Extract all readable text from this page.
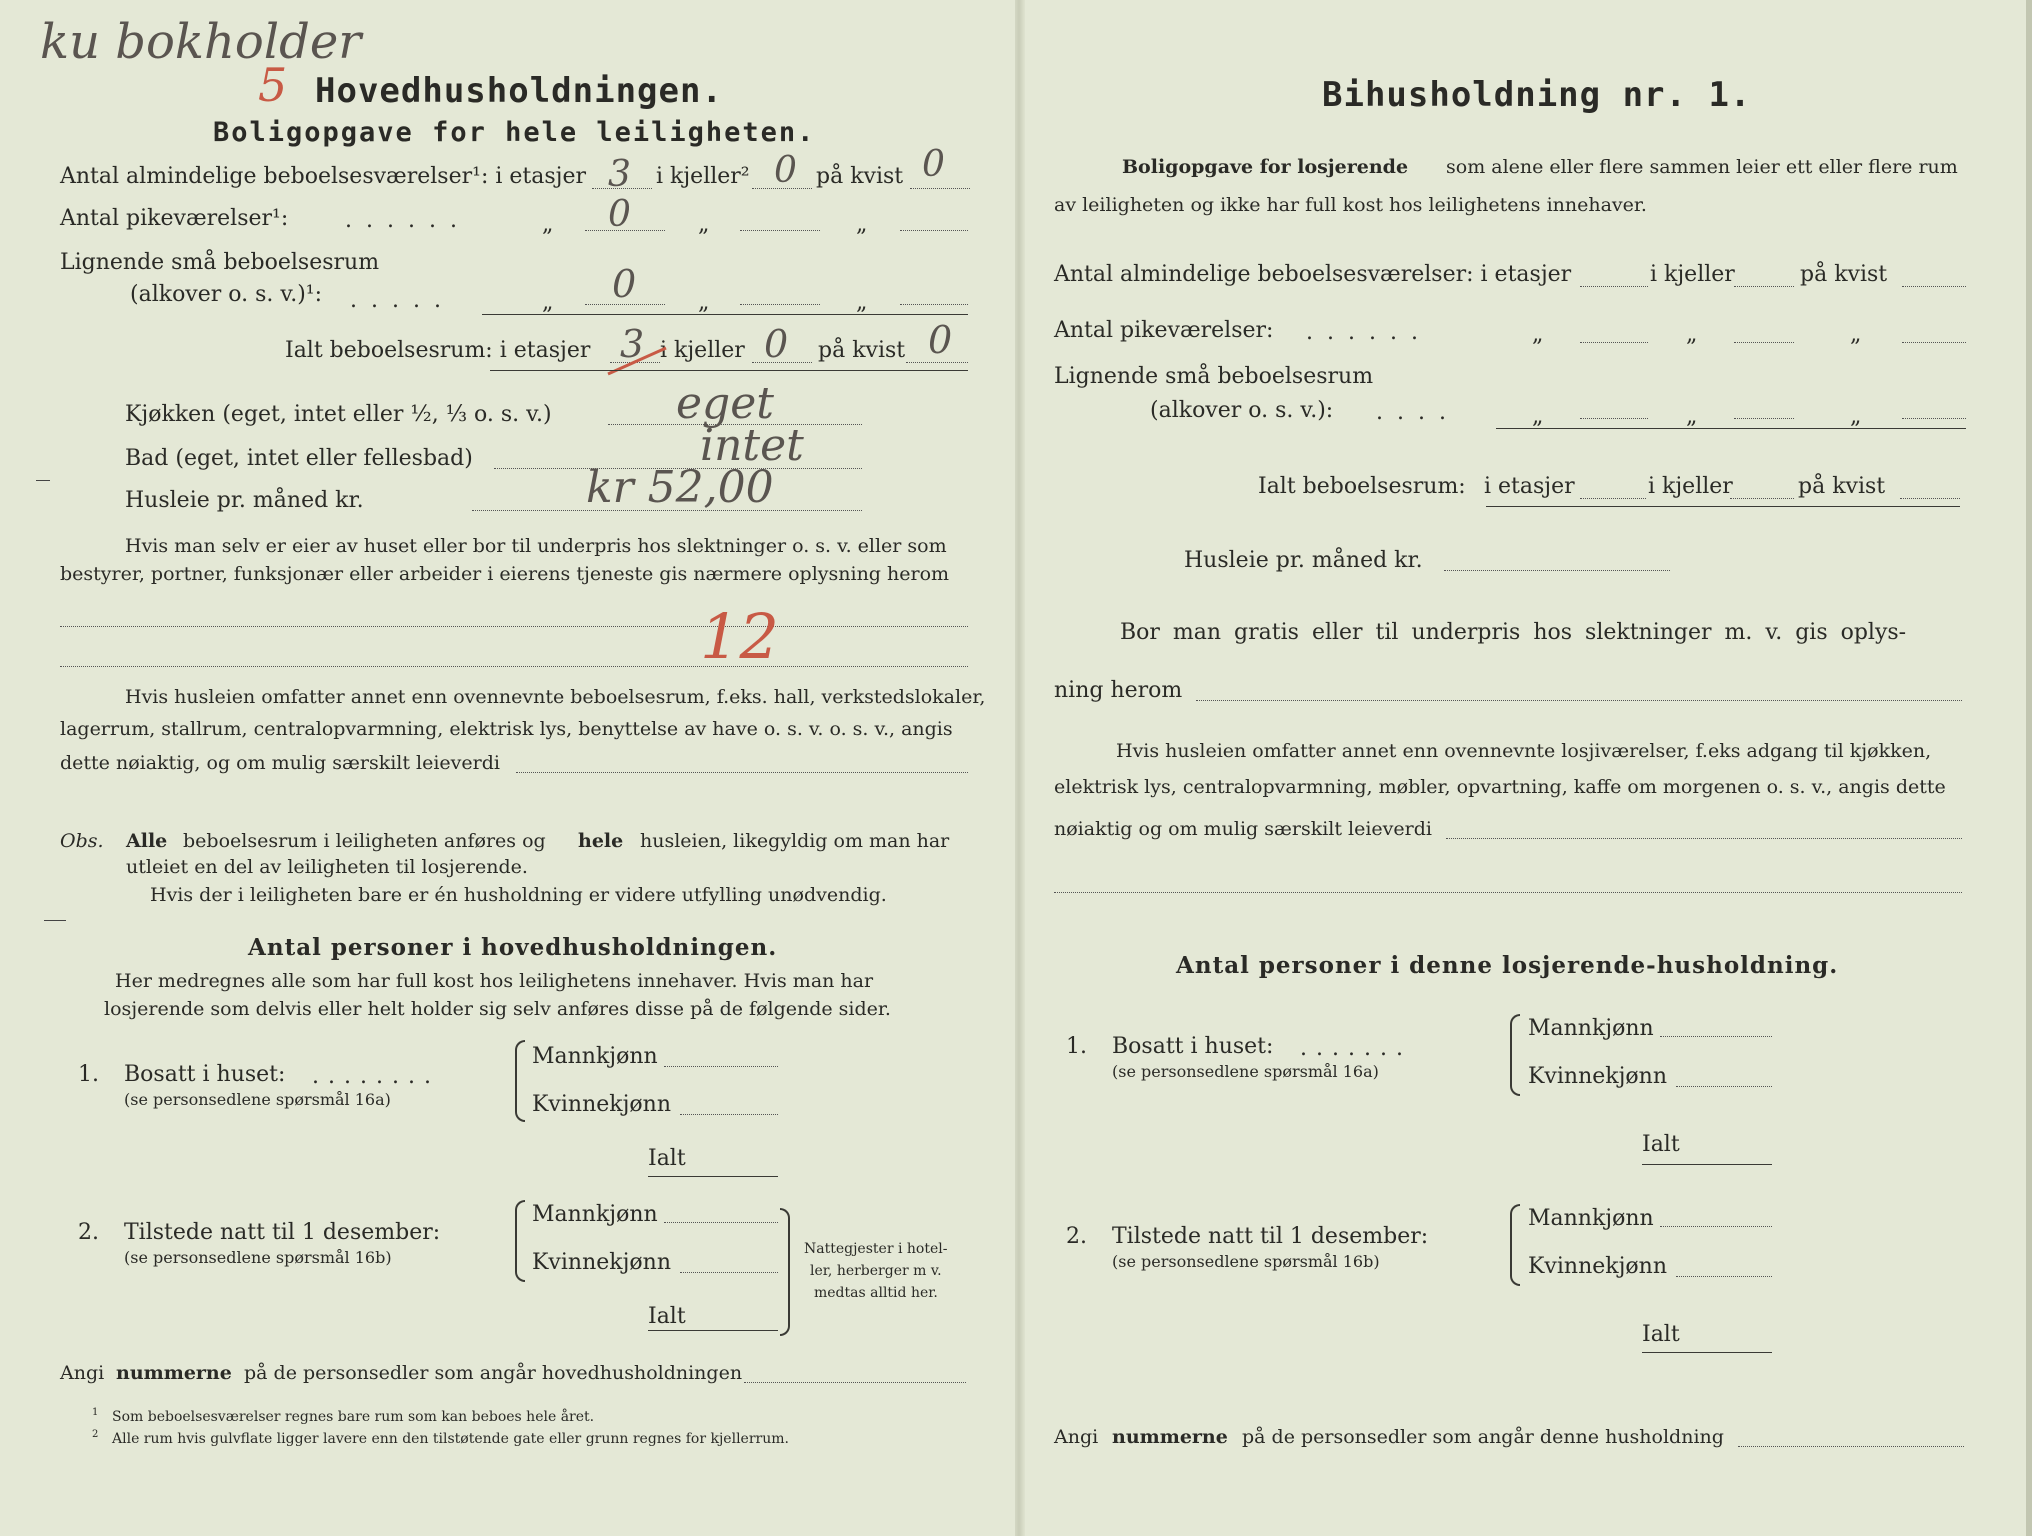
ku bokholder
5 Hovedhusholdningen.
Boligopgave for hele leiligheten.
Antal almindelige beboelsesværelser¹: i etasjer 3 i kjeller² 0 på kvist 0
Antal pikeværelser¹:	......	„ 0	„	„
Lignende små beboelsesrum
(alkover o. s. v.)¹: .....	„ 0	„	„
Ialt beboelsesrum: i etasjer 3 i kjeller 0 på kvist 0
Kjøkken (eget, intet eller ½, ⅓ o. s. v.)	eget
Bad (eget, intet eller fellesbad)	intet
Husleie pr. måned kr.	kr 52,00
Hvis man selv er eier av huset eller bor til underpris hos slektninger o. s. v. eller som
bestyrer, portner, funksjonær eller arbeider i eierens tjeneste gis nærmere oplysning herom
12
Hvis husleien omfatter annet enn ovennevnte beboelsesrum, f.eks. hall, verkstedslokaler,
lagerrum, stallrum, centralopvarmning, elektrisk lys, benyttelse av have o. s. v. o. s. v., angis
dette nøiaktig, og om mulig særskilt leieverdi
Obs. Alle beboelsesrum i leiligheten anføres og hele husleien, likegyldig om man har
utleiet en del av leiligheten til losjerende.
Hvis der i leiligheten bare er én husholdning er videre utfylling unødvendig.
Antal personer i hovedhusholdningen.
Her medregnes alle som har full kost hos leilighetens innehaver. Hvis man har
losjerende som delvis eller helt holder sig selv anføres disse på de følgende sider.
1. Bosatt i huset: ........
(se personsedlene spørsmål 16a)
Mannkjønn
Kvinnekjønn
Ialt
2. Tilstede natt til 1 desember:
(se personsedlene spørsmål 16b)
Mannkjønn
Kvinnekjønn
Ialt
Nattegjester i hotel-
ler, herberger m v.
medtas alltid her.
Angi nummerne på de personsedler som angår hovedhusholdningen
1 Som beboelsesværelser regnes bare rum som kan beboes hele året.
2 Alle rum hvis gulvflate ligger lavere enn den tilstøtende gate eller grunn regnes for kjellerrum.
Bihusholdning nr. 1.
Boligopgave for losjerende som alene eller flere sammen leier ett eller flere rum
av leiligheten og ikke har full kost hos leilighetens innehaver.
Antal almindelige beboelsesværelser: i etasjer	i kjeller	på kvist
Antal pikeværelser: ......	„	„	„
Lignende små beboelsesrum
(alkover o. s. v.): ....	„	„	„
Ialt beboelsesrum: i etasjer	i kjeller	på kvist
Husleie pr. måned kr.
Bor man gratis eller til underpris hos slektninger m. v. gis oplys-
ning herom
Hvis husleien omfatter annet enn ovennevnte losjiværelser, f.eks adgang til kjøkken,
elektrisk lys, centralopvarmning, møbler, opvartning, kaffe om morgenen o. s. v., angis dette
nøiaktig og om mulig særskilt leieverdi
Antal personer i denne losjerende-husholdning.
1. Bosatt i huset: .......
(se personsedlene spørsmål 16a)
Mannkjønn
Kvinnekjønn
Ialt
2. Tilstede natt til 1 desember:
(se personsedlene spørsmål 16b)
Mannkjønn
Kvinnekjønn
Ialt
Angi nummerne på de personsedler som angår denne husholdning
